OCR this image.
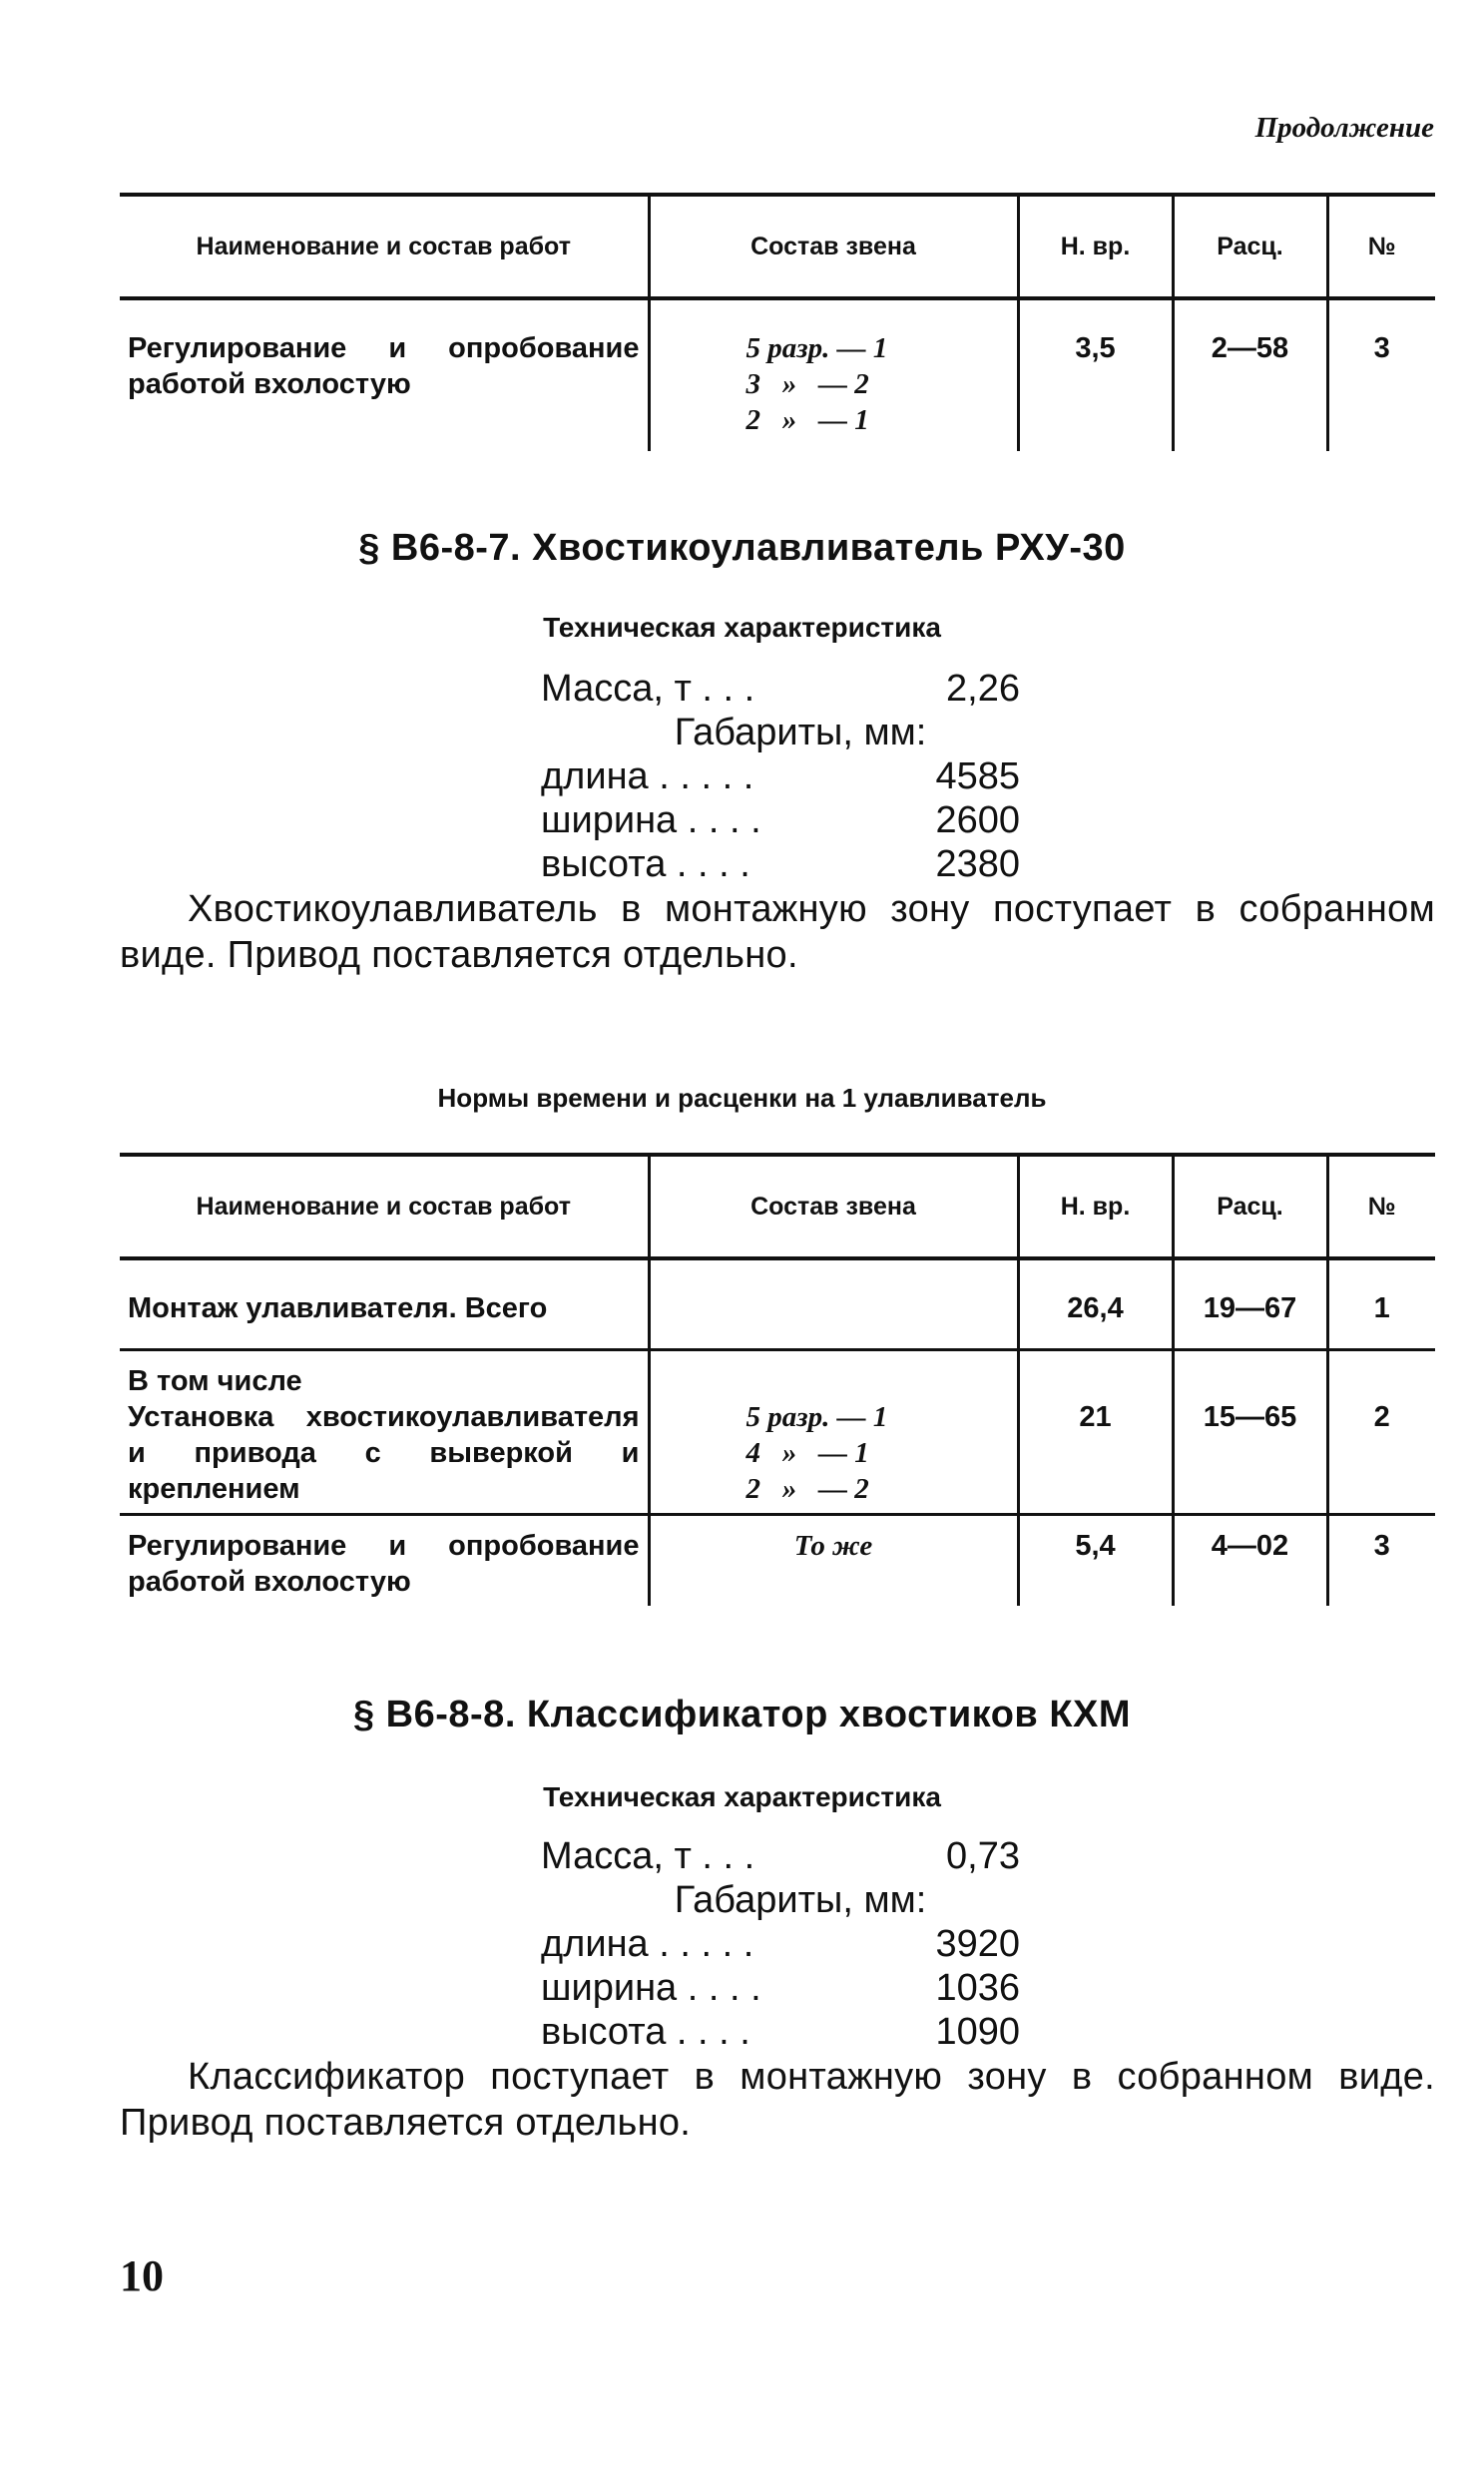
Продолжение
Наименование и состав работ	Состав звена	Н. вр.	Расц.	№
Регулирование и опробование работой вхолостую	5 разр. — 1
3   »   — 2
2   »   — 1	3,5	2—58	3
§ В6-8-7. Хвостикоулавливатель РХУ-30
Техническая характеристика
Масса, т . . .	2,26
Габариты, мм:
длина . . . . .	4585
ширина . . . .	2600
высота . . . .	2380
Хвостикоулавливатель в монтажную зону поступает в собранном виде. Привод поставляется отдельно.
Нормы времени и расценки на 1 улавливатель
Наименование и состав работ	Состав звена	Н. вр.	Расц.	№
Монтаж улавливателя. Всего		26,4	19—67	1

В том числе
Установка хвостикоулавливателя и привода с выверкой и креплением	5 разр. — 1
4   »   — 1
2   »   — 2	21	15—65	2
Регулирование и опробование работой вхолостую	То же	5,4	4—02	3
§ В6-8-8. Классификатор хвостиков КХМ
Техническая характеристика
Масса, т . . .	0,73
Габариты, мм:
длина . . . . .	3920
ширина . . . .	1036
высота . . . .	1090
Классификатор поступает в монтажную зону в собранном виде. Привод поставляется отдельно.
10
